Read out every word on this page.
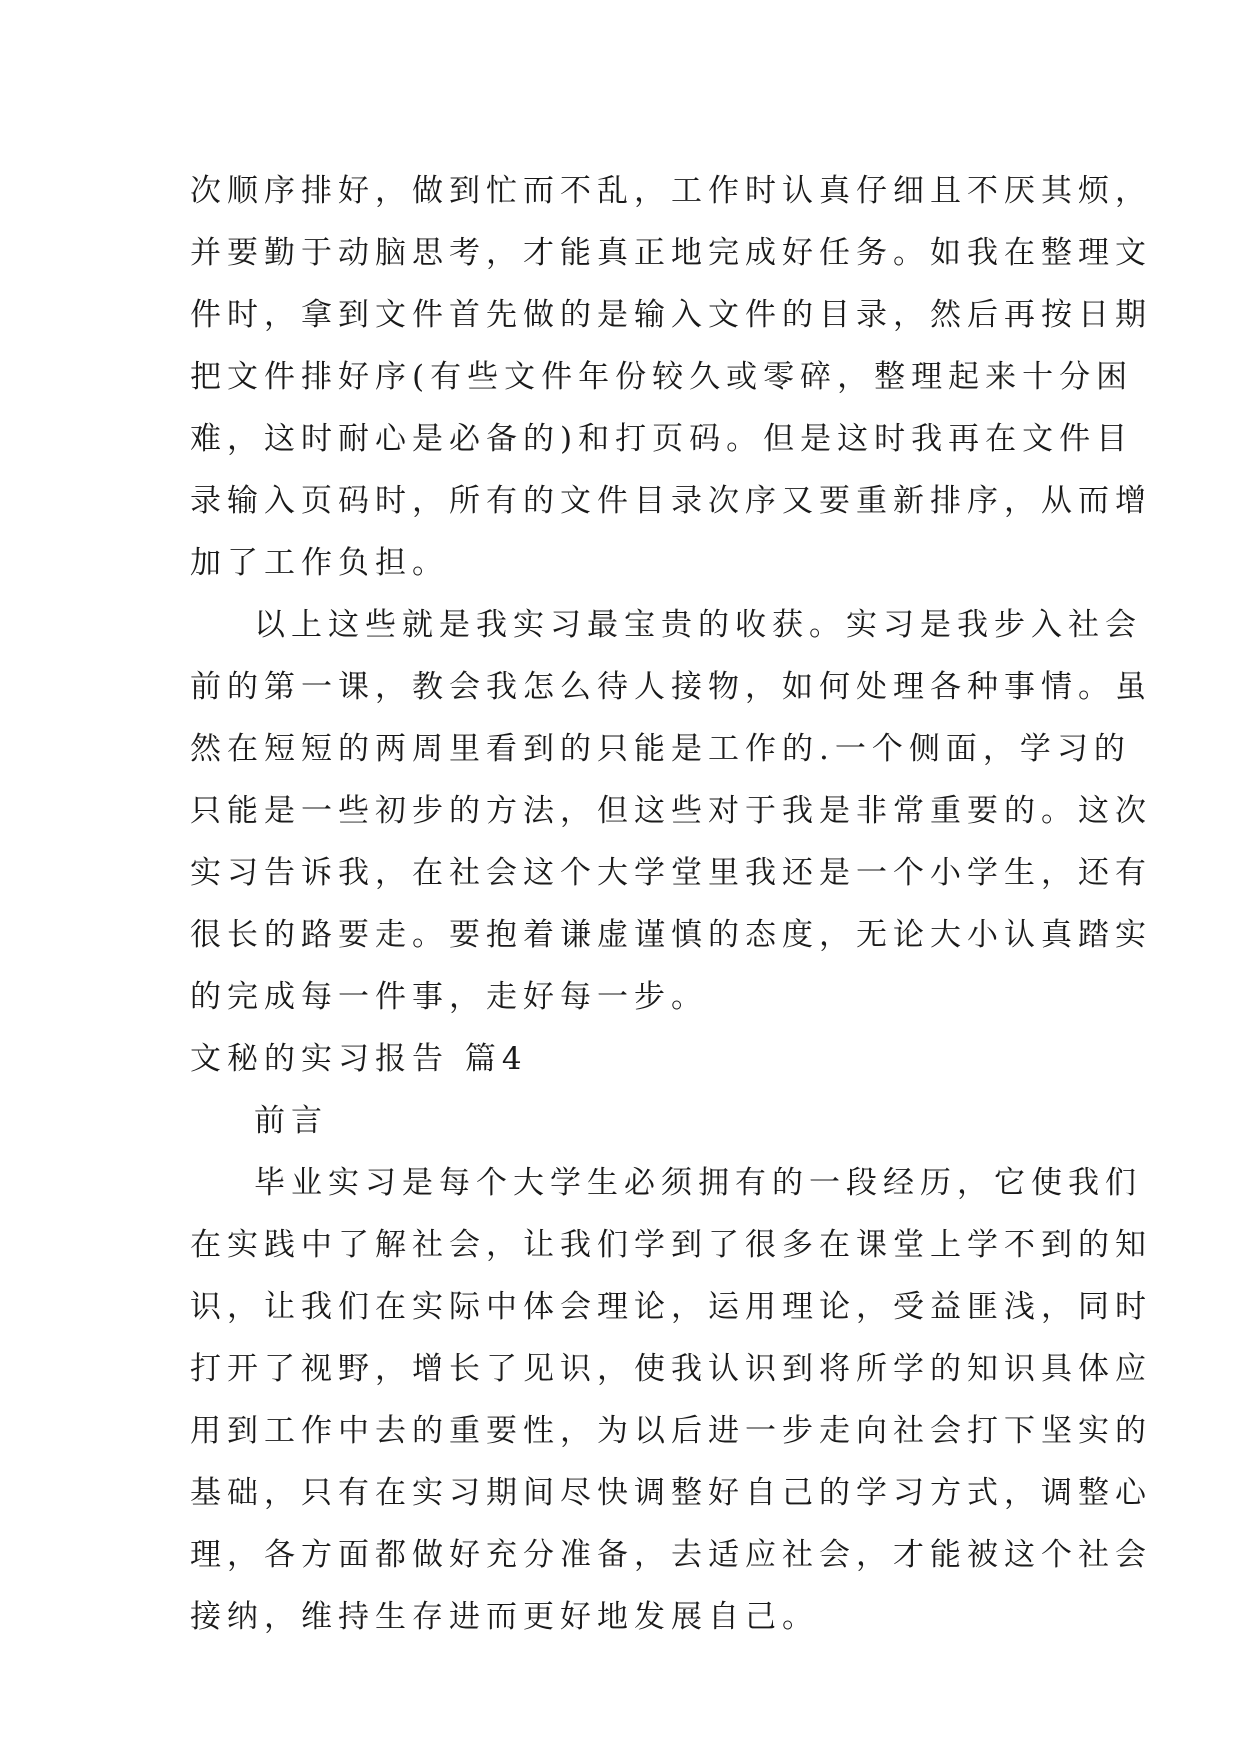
次顺序排好，做到忙而不乱，工作时认真仔细且不厌其烦，
并要勤于动脑思考，才能真正地完成好任务。如我在整理文
件时，拿到文件首先做的是输入文件的目录，然后再按日期
把文件排好序(有些文件年份较久或零碎，整理起来十分困
难，这时耐心是必备的)和打页码。但是这时我再在文件目
录输入页码时，所有的文件目录次序又要重新排序，从而增
加了工作负担。
以上这些就是我实习最宝贵的收获。实习是我步入社会
前的第一课，教会我怎么待人接物，如何处理各种事情。虽
然在短短的两周里看到的只能是工作的.一个侧面，学习的
只能是一些初步的方法，但这些对于我是非常重要的。这次
实习告诉我，在社会这个大学堂里我还是一个小学生，还有
很长的路要走。要抱着谦虚谨慎的态度，无论大小认真踏实
的完成每一件事，走好每一步。
文秘的实习报告 篇4
前言
毕业实习是每个大学生必须拥有的一段经历，它使我们
在实践中了解社会，让我们学到了很多在课堂上学不到的知
识，让我们在实际中体会理论，运用理论，受益匪浅，同时
打开了视野，增长了见识，使我认识到将所学的知识具体应
用到工作中去的重要性，为以后进一步走向社会打下坚实的
基础，只有在实习期间尽快调整好自己的学习方式，调整心
理，各方面都做好充分准备，去适应社会，才能被这个社会
接纳，维持生存进而更好地发展自己。
